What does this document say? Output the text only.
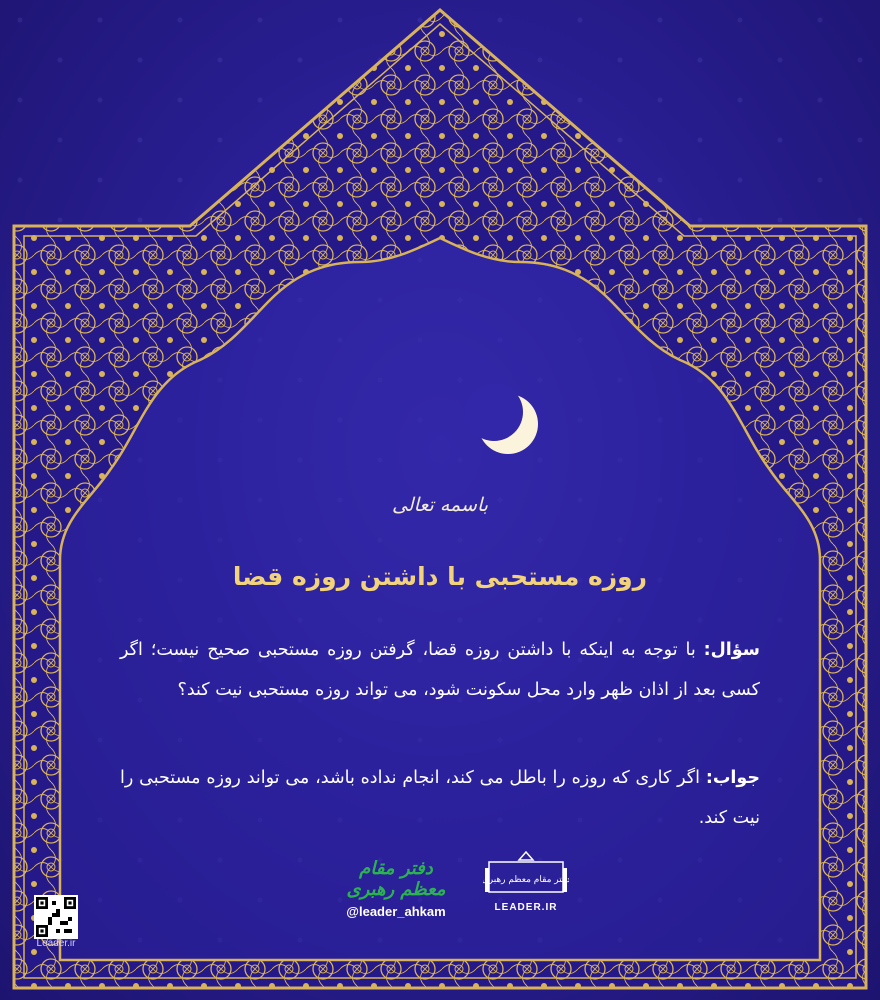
باسمه تعالی
روزه مستحبی با داشتن روزه قضا
سؤال: با توجه به اینکه با داشتن روزه قضا، گرفتن روزه مستحبی صحیح نیست؛ اگر کسی بعد از اذان ظهر وارد محل سکونت شود، می تواند روزه مستحبی نیت کند؟
جواب: اگر کاری که روزه را باطل می کند، انجام نداده باشد، می تواند روزه مستحبی را نیت کند.
دفتر مقام معظم رهبری
LEADER.IR
دفتر مقام معظم رهبری
@leader_ahkam
Leader.ir
